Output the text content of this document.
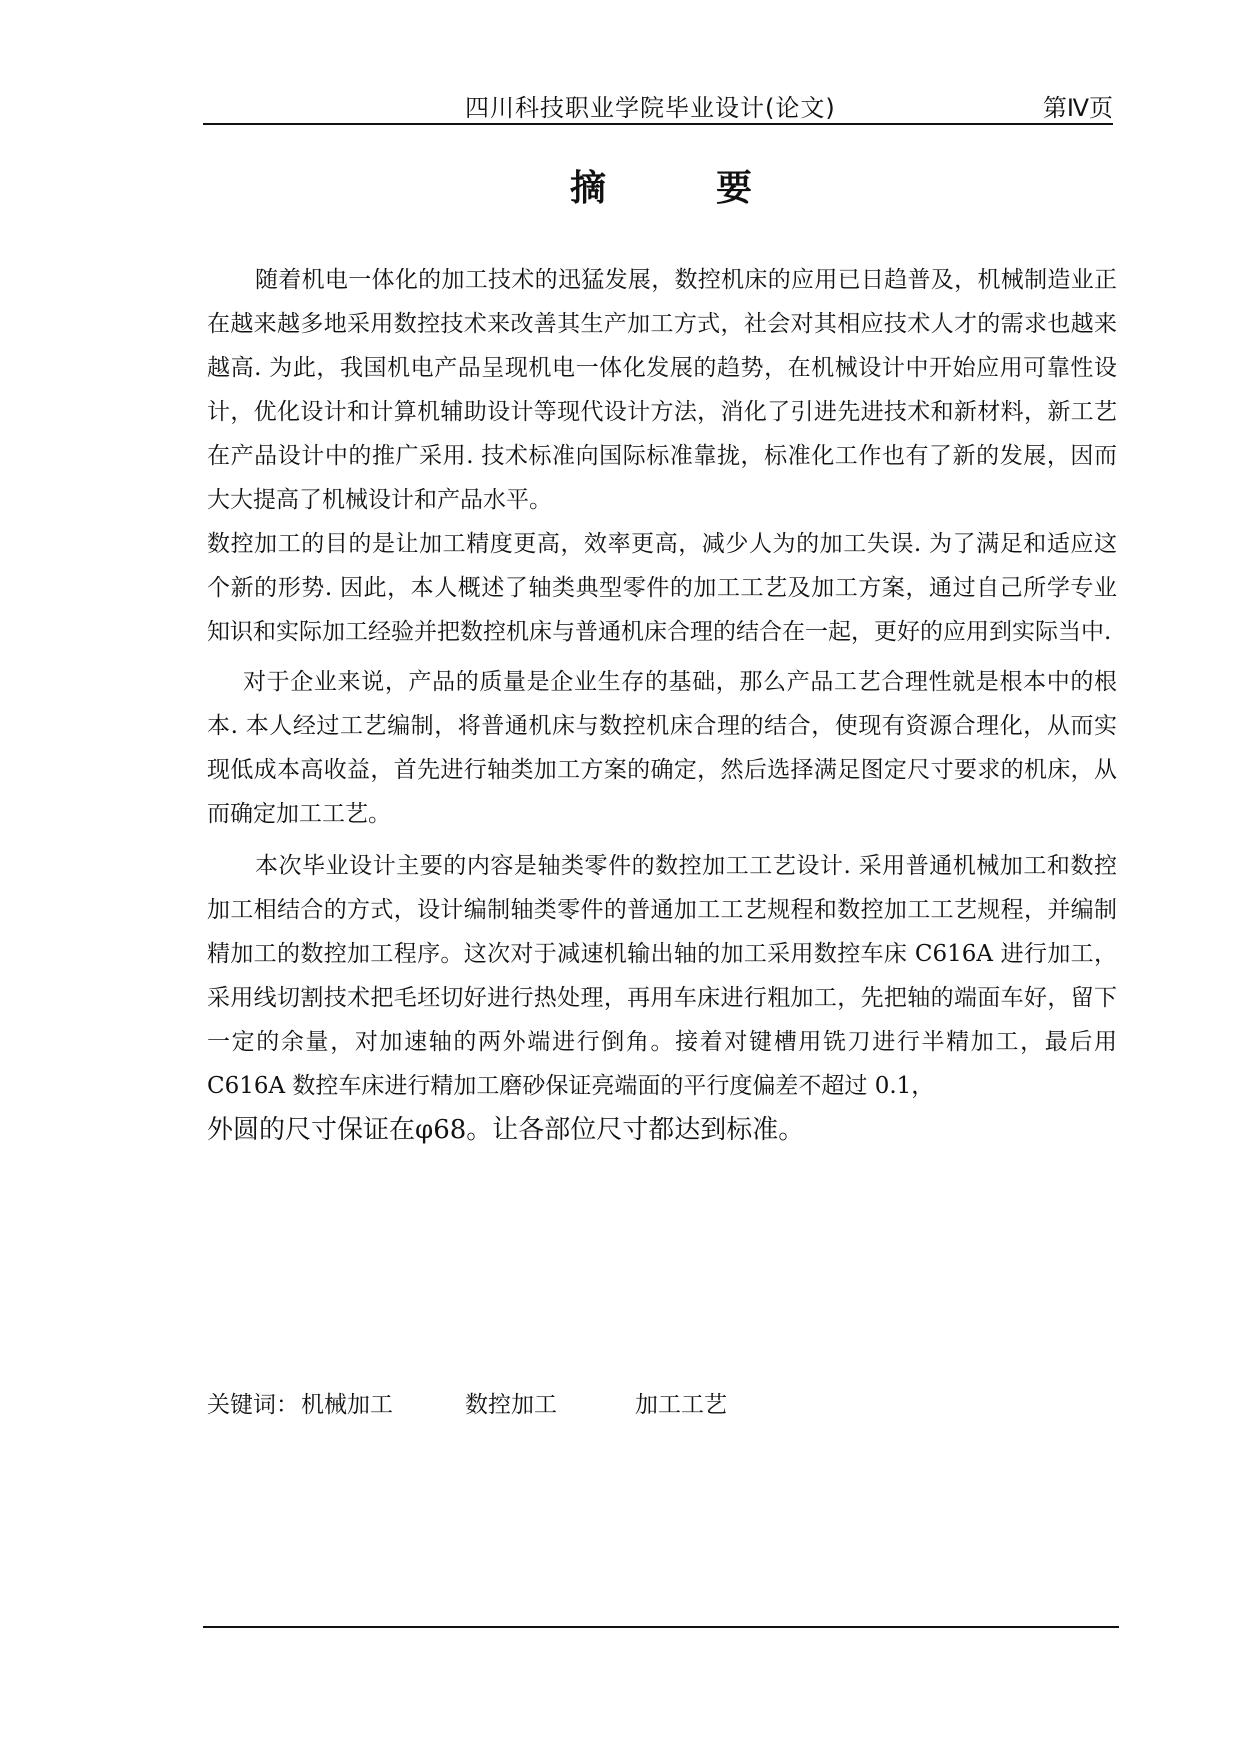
四川科技职业学院毕业设计(论文)	第Ⅳ页
摘	要

随着机电一体化的加工技术的迅猛发展，数控机床的应用已日趋普及，机械制造业正在越来越多地采用数控技术来改善其生产加工方式，社会对其相应技术人才的需求也越来越高. 为此，我国机电产品呈现机电一体化发展的趋势，在机械设计中开始应用可靠性设计，优化设计和计算机辅助设计等现代设计方法，消化了引进先进技术和新材料，新工艺在产品设计中的推广采用. 技术标准向国际标准靠拢，标准化工作也有了新的发展，因而大大提高了机械设计和产品水平。

数控加工的目的是让加工精度更高，效率更高，减少人为的加工失误. 为了满足和适应这个新的形势. 因此，本人概述了轴类典型零件的加工工艺及加工方案，通过自己所学专业知识和实际加工经验并把数控机床与普通机床合理的结合在一起，更好的应用到实际当中.

对于企业来说，产品的质量是企业生存的基础，那么产品工艺合理性就是根本中的根本. 本人经过工艺编制，将普通机床与数控机床合理的结合，使现有资源合理化，从而实现低成本高收益，首先进行轴类加工方案的确定，然后选择满足图定尺寸要求的机床，从而确定加工工艺。

本次毕业设计主要的内容是轴类零件的数控加工工艺设计. 采用普通机械加工和数控加工相结合的方式，设计编制轴类零件的普通加工工艺规程和数控加工工艺规程，并编制精加工的数控加工程序。这次对于减速机输出轴的加工采用数控车床 C616A 进行加工，采用线切割技术把毛坯切好进行热处理，再用车床进行粗加工，先把轴的端面车好，留下一定的余量，对加速轴的两外端进行倒角。接着对键槽用铣刀进行半精加工，最后用 C616A 数控车床进行精加工磨砂保证亮端面的平行度偏差不超过 0.1，

外圆的尺寸保证在φ68。让各部位尺寸都达到标准。

关键词：机械加工	数控加工	加工工艺
